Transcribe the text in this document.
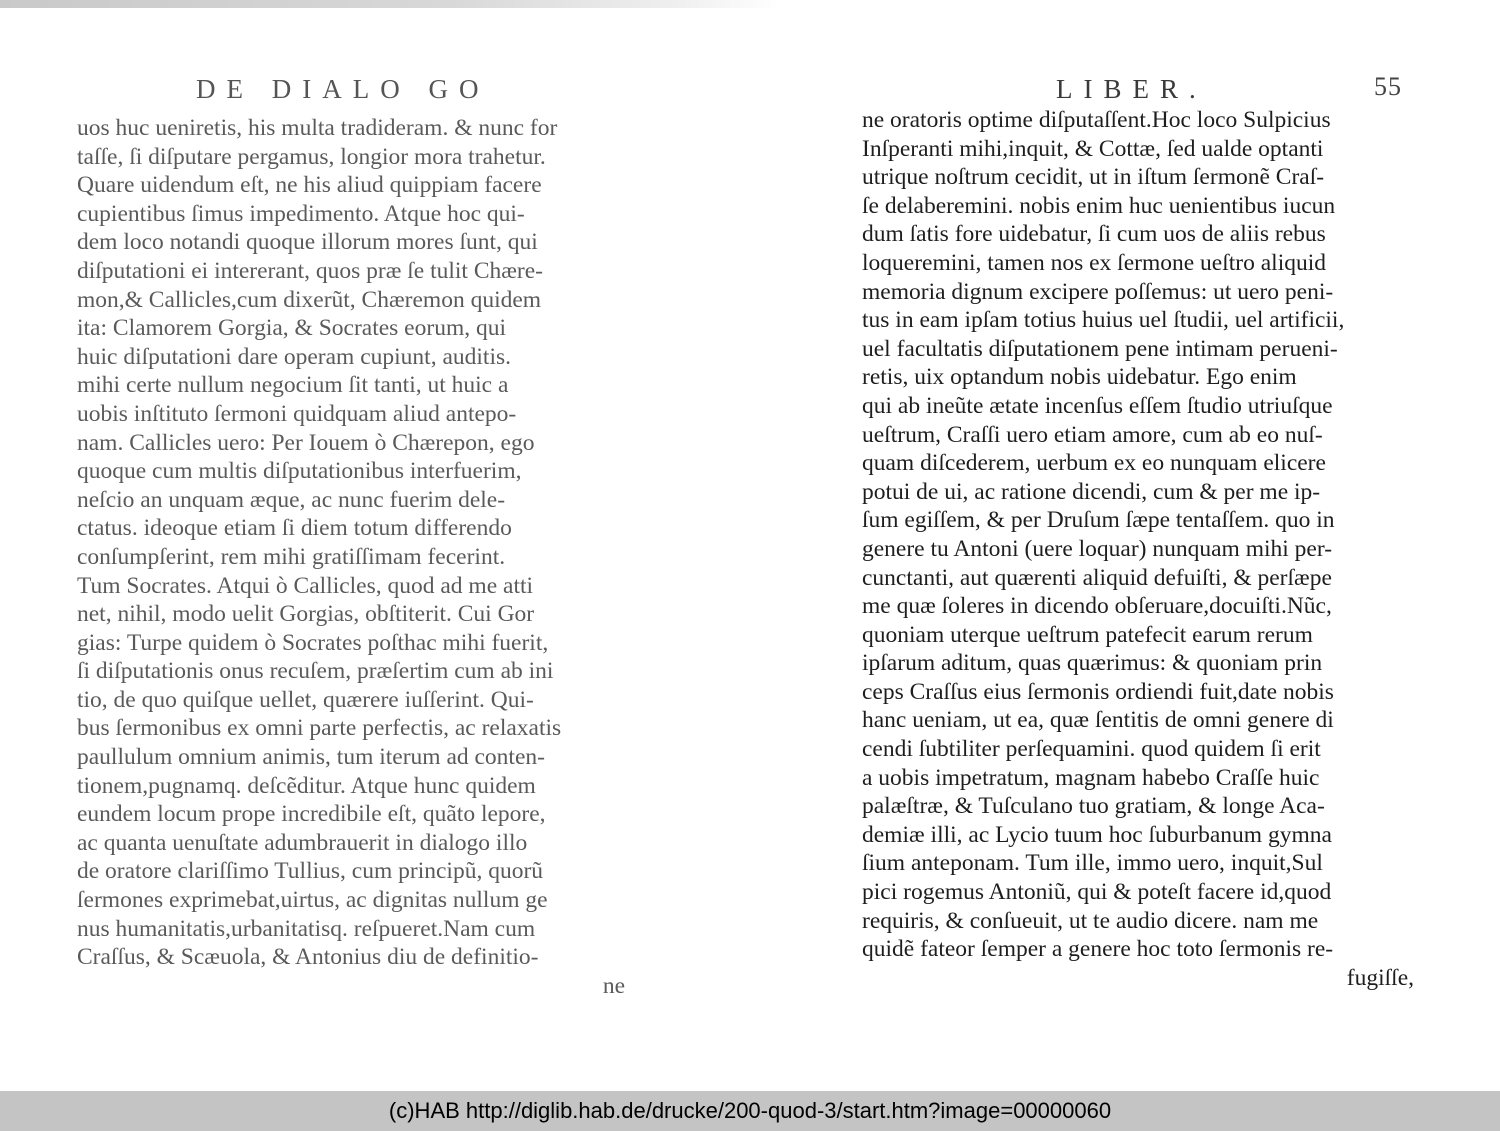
DE DIALO GO	LIBER.	55
uos huc ueniretis, his multa tradideram. & nunc for
taſſe, ſi diſputare pergamus, longior mora trahetur.
Quare uidendum eſt, ne his aliud quippiam facere
cupientibus ſimus impedimento. Atque hoc qui-
dem loco notandi quoque illorum mores ſunt, qui
diſputationi ei intererant, quos præ ſe tulit Chære-
mon,& Callicles,cum dixerũt, Chæremon quidem
ita: Clamorem Gorgia, & Socrates eorum, qui
huic diſputationi dare operam cupiunt, auditis.
mihi certe nullum negocium ſit tanti, ut huic a
uobis inſtituto ſermoni quidquam aliud antepo-
nam. Callicles uero: Per Iouem ò Chærepon, ego
quoque cum multis diſputationibus interfuerim,
neſcio an unquam æque, ac nunc fuerim dele-
ctatus. ideoque etiam ſi diem totum differendo
conſumpſerint, rem mihi gratiſſimam fecerint.
Tum Socrates. Atqui ò Callicles, quod ad me atti
net, nihil, modo uelit Gorgias, obſtiterit. Cui Gor
gias: Turpe quidem ò Socrates poſthac mihi fuerit,
ſi diſputationis onus recuſem, præſertim cum ab ini
tio, de quo quiſque uellet, quærere iuſſerint. Qui-
bus ſermonibus ex omni parte perfectis, ac relaxatis
paullulum omnium animis, tum iterum ad conten-
tionem,pugnamq. deſcẽditur. Atque hunc quidem
eundem locum prope incredibile eſt, quãto lepore,
ac quanta uenuſtate adumbrauerit in dialogo illo
de oratore clariſſimo Tullius, cum principũ, quorũ
ſermones exprimebat,uirtus, ac dignitas nullum ge
nus humanitatis,urbanitatisq. reſpueret.Nam cum
Craſſus, & Scæuola, & Antonius diu de definitio-
ne
ne oratoris optime diſputaſſent.Hoc loco Sulpicius
Inſperanti mihi,inquit, & Cottæ, ſed ualde optanti
utrique noſtrum cecidit, ut in iſtum ſermonẽ Craſ-
ſe delaberemini. nobis enim huc uenientibus iucun
dum ſatis fore uidebatur, ſi cum uos de aliis rebus
loqueremini, tamen nos ex ſermone ueſtro aliquid
memoria dignum excipere poſſemus: ut uero peni-
tus in eam ipſam totius huius uel ſtudii, uel artificii,
uel facultatis diſputationem pene intimam perueni-
retis, uix optandum nobis uidebatur. Ego enim
qui ab ineũte ætate incenſus eſſem ſtudio utriuſque
ueſtrum, Craſſi uero etiam amore, cum ab eo nuſ-
quam diſcederem, uerbum ex eo nunquam elicere
potui de ui, ac ratione dicendi, cum & per me ip-
ſum egiſſem, & per Druſum ſæpe tentaſſem. quo in
genere tu Antoni (uere loquar) nunquam mihi per-
cunctanti, aut quærenti aliquid defuiſti, & perſæpe
me quæ ſoleres in dicendo obſeruare,docuiſti.Nũc,
quoniam uterque ueſtrum patefecit earum rerum
ipſarum aditum, quas quærimus: & quoniam prin
ceps Craſſus eius ſermonis ordiendi fuit,date nobis
hanc ueniam, ut ea, quæ ſentitis de omni genere di
cendi ſubtiliter perſequamini. quod quidem ſi erit
a uobis impetratum, magnam habebo Craſſe huic
palæſtræ, & Tuſculano tuo gratiam, & longe Aca-
demiæ illi, ac Lycio tuum hoc ſuburbanum gymna
ſium anteponam. Tum ille, immo uero, inquit,Sul
pici rogemus Antoniũ, qui & poteſt facere id,quod
requiris, & conſueuit, ut te audio dicere. nam me
quidẽ fateor ſemper a genere hoc toto ſermonis re-
fugiſſe,
(c)HAB http://diglib.hab.de/drucke/200-quod-3/start.htm?image=00000060
